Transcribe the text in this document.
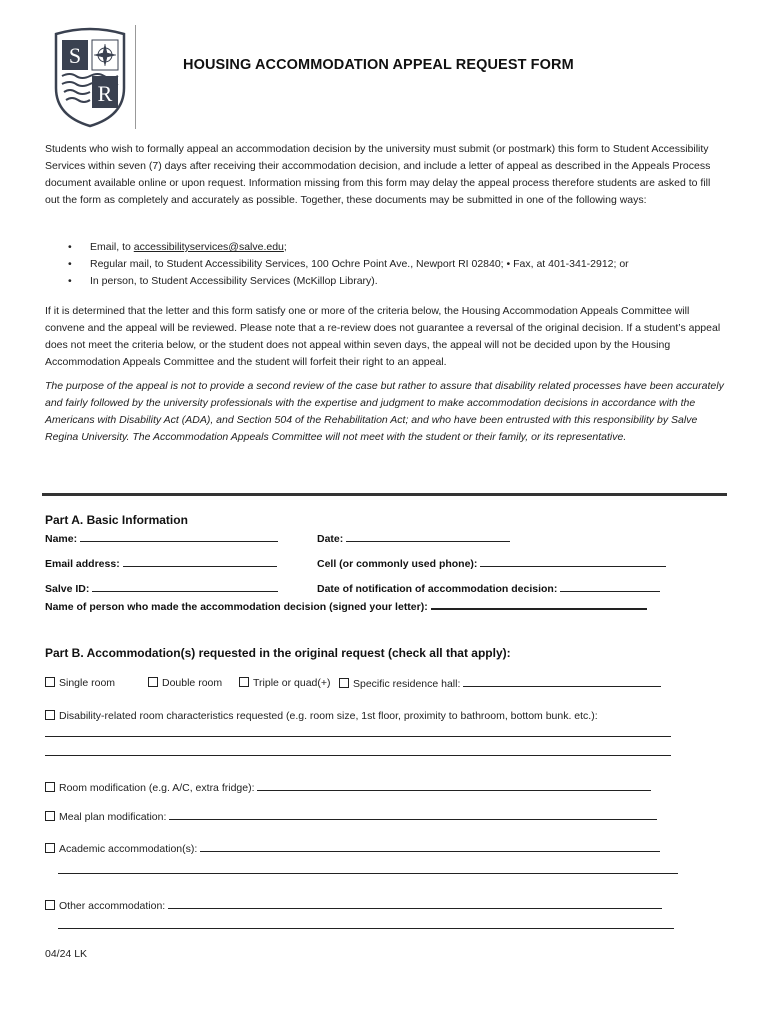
S
R
HOUSING ACCOMMODATION APPEAL REQUEST FORM
Students who wish to formally appeal an accommodation decision by the university must submit (or postmark) this form to Student Accessibility Services within seven (7) days after receiving their accommodation decision, and include a letter of appeal as described in the Appeals Process document available online or upon request. Information missing from this form may delay the appeal process therefore students are asked to fill out the form as completely and accurately as possible. Together, these documents may be submitted in one of the following ways:
• Email, to accessibilityservices@salve.edu;
• Regular mail, to Student Accessibility Services, 100 Ochre Point Ave., Newport RI 02840; • Fax, at 401-341-2912; or
• In person, to Student Accessibility Services (McKillop Library).
If it is determined that the letter and this form satisfy one or more of the criteria below, the Housing Accommodation Appeals Committee will convene and the appeal will be reviewed. Please note that a re-review does not guarantee a reversal of the original decision. If a student’s appeal does not meet the criteria below, or the student does not appeal within seven days, the appeal will not be decided upon by the Housing Accommodation Appeals Committee and the student will forfeit their right to an appeal.
The purpose of the appeal is not to provide a second review of the case but rather to assure that disability related processes have been accurately and fairly followed by the university professionals with the expertise and judgment to make accommodation decisions in accordance with the Americans with Disability Act (ADA), and Section 504 of the Rehabilitation Act; and who have been entrusted with this responsibility by Salve Regina University. The Accommodation Appeals Committee will not meet with the student or their family, or its representative.
Part A. Basic Information
Name:	Date:
Email address:	Cell (or commonly used phone):
Salve ID:	Date of notification of accommodation decision:
Name of person who made the accommodation decision (signed your letter):
Part B. Accommodation(s) requested in the original request (check all that apply):
Single room	Double room	Triple or quad(+)	Specific residence hall:
Disability-related room characteristics requested (e.g. room size, 1st floor, proximity to bathroom, bottom bunk. etc.):
Room modification (e.g. A/C, extra fridge):
Meal plan modification:
Academic accommodation(s):
Other accommodation:
04/24 LK
